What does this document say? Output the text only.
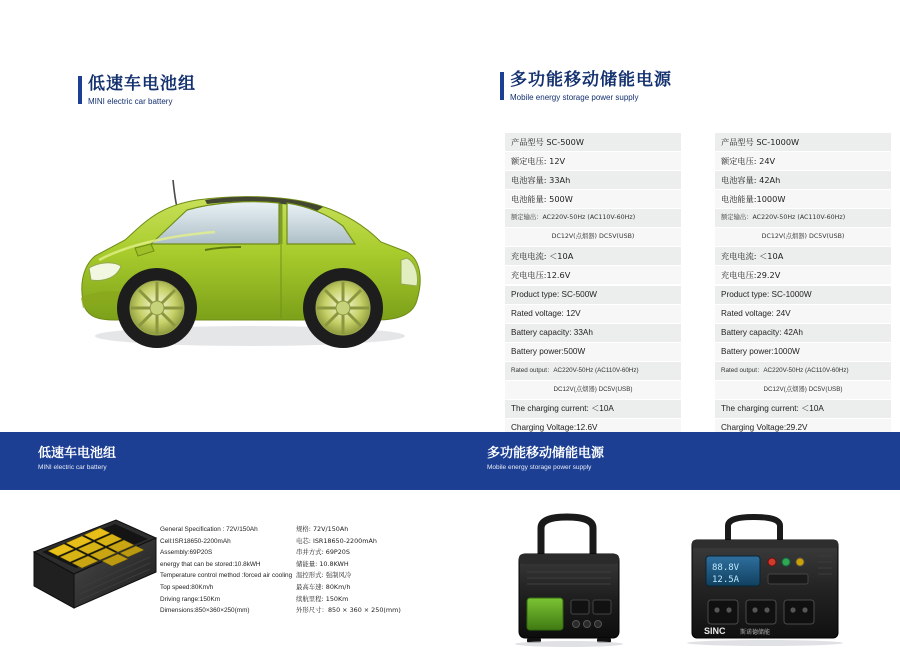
低速车电池组
MINI electric car battery
多功能移动储能电源
Mobile energy storage power supply
产品型号 SC-500W
额定电压: 12V
电池容量: 33Ah
电池能量: 500W
额定输出：AC220V-50Hz (AC110V-60Hz)
DC12V(点烟器) DC5V(USB)
充电电流: ＜10A
充电电压:12.6V
产品型号 SC-1000W
额定电压: 24V
电池容量: 42Ah
电池能量:1000W
额定输出：AC220V-50Hz (AC110V-60Hz)
DC12V(点烟器) DC5V(USB)
充电电流: ＜10A
充电电压:29.2V
Product type: SC-500W
Rated voltage: 12V
Battery capacity: 33Ah
Battery power:500W
Rated output：AC220V-50Hz (AC110V-60Hz)
DC12V(点烟器) DC5V(USB)
The charging current: ＜10A
Charging Voltage:12.6V
Product type: SC-1000W
Rated voltage: 24V
Battery capacity: 42Ah
Battery power:1000W
Rated output：AC220V-50Hz (AC110V-60Hz)
DC12V(点烟器) DC5V(USB)
The charging current: ＜10A
Charging Voltage:29.2V
低速车电池组
MINI electric car battery
多功能移动储能电源
Mobile energy storage power supply
General Specification : 72V/150Ah
Cell:ISR18650-2200mAh
Assembly:69P20S
energy that can be stored:10.8kWH
Temperature control method :forced air cooling
Top speed:80Km/h
Driving range:150Km
Dimensions:850×360×250(mm)
规格: 72V/150Ah
电芯: ISR18650-2200mAh
串并方式: 69P20S
储能量: 10.8KWH
温控形式: 强制风冷
最高车速: 80Km/h
续航里程: 150Km
外形尺寸：850 × 360 × 250(mm)
88.8V
12.5A
SINC 斯诺德储能
